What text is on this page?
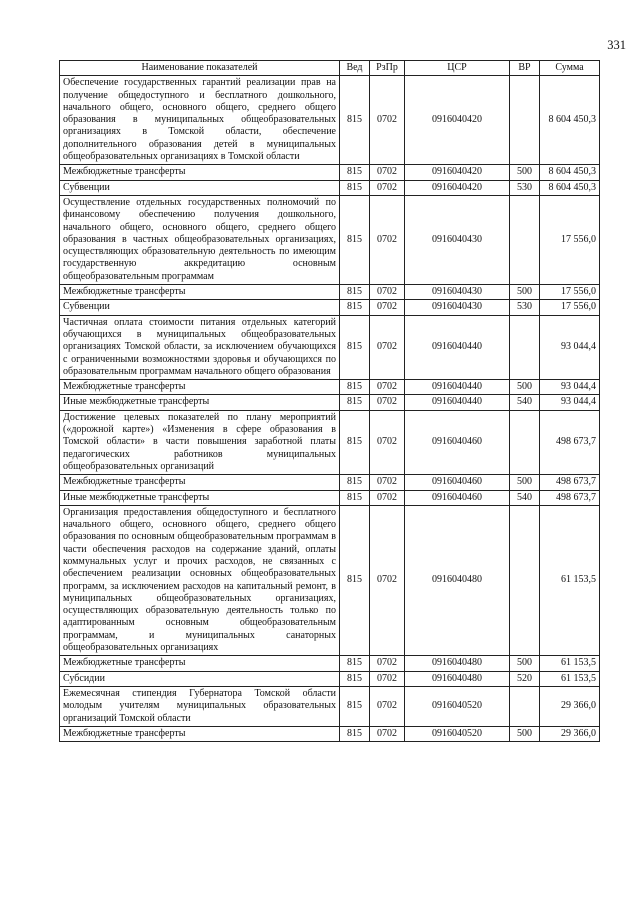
331
Наименование показателей	Вед	РзПр	ЦСР	ВР	Сумма
Обеспечение государственных гарантий реализации прав на получение общедоступного и бесплатного дошкольного, начального общего, основного общего, среднего общего образования в муниципальных общеобразовательных организациях в Томской области, обеспечение дополнительного образования детей в муниципальных общеобразовательных организациях в Томской области	815	0702	0916040420		8 604 450,3
Межбюджетные трансферты	815	0702	0916040420	500	8 604 450,3
Субвенции	815	0702	0916040420	530	8 604 450,3
Осуществление отдельных государственных полномочий по финансовому обеспечению получения дошкольного, начального общего, основного общего, среднего общего образования в частных общеобразовательных организациях, осуществляющих образовательную деятельность по имеющим государственную аккредитацию основным общеобразовательным программам	815	0702	0916040430		17 556,0
Межбюджетные трансферты	815	0702	0916040430	500	17 556,0
Субвенции	815	0702	0916040430	530	17 556,0
Частичная оплата стоимости питания отдельных категорий обучающихся в муниципальных общеобразовательных организациях Томской области, за исключением обучающихся с ограниченными возможностями здоровья и обучающихся по образовательным программам начального общего образования	815	0702	0916040440		93 044,4
Межбюджетные трансферты	815	0702	0916040440	500	93 044,4
Иные межбюджетные трансферты	815	0702	0916040440	540	93 044,4
Достижение целевых показателей по плану мероприятий («дорожной карте») «Изменения в сфере образования в Томской области» в части повышения заработной платы педагогических работников муниципальных общеобразовательных организаций	815	0702	0916040460		498 673,7
Межбюджетные трансферты	815	0702	0916040460	500	498 673,7
Иные межбюджетные трансферты	815	0702	0916040460	540	498 673,7
Организация предоставления общедоступного и бесплатного начального общего, основного общего, среднего общего образования по основным общеобразовательным программам в части обеспечения расходов на содержание зданий, оплаты коммунальных услуг и прочих расходов, не связанных с обеспечением реализации основных общеобразовательных программ, за исключением расходов на капитальный ремонт, в муниципальных общеобразовательных организациях, осуществляющих образовательную деятельность только по адаптированным основным общеобразовательным программам, и муниципальных санаторных общеобразовательных организациях	815	0702	0916040480		61 153,5
Межбюджетные трансферты	815	0702	0916040480	500	61 153,5
Субсидии	815	0702	0916040480	520	61 153,5
Ежемесячная стипендия Губернатора Томской области молодым учителям муниципальных образовательных организаций Томской области	815	0702	0916040520		29 366,0
Межбюджетные трансферты	815	0702	0916040520	500	29 366,0
